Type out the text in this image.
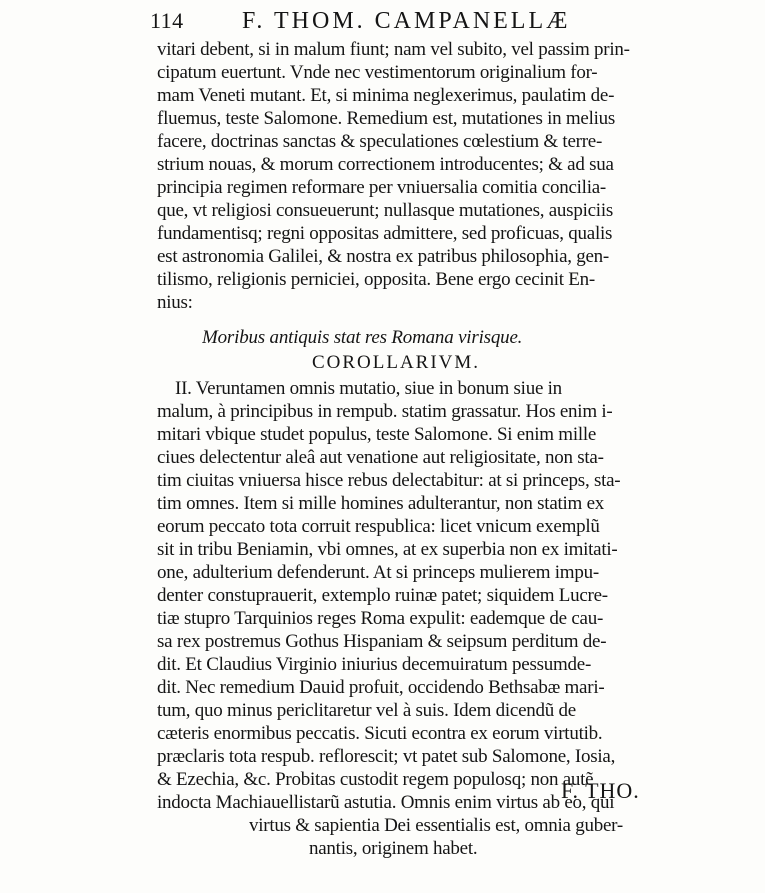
114 F. THOM. CAMPANELLÆ
vitari debent, si in malum fiunt; nam vel subito, vel passim prin-
cipatum euertunt. Vnde nec vestimentorum originalium for-
mam Veneti mutant. Et, si minima neglexerimus, paulatim de-
fluemus, teste Salomone. Remedium est, mutationes in melius
facere, doctrinas sanctas & speculationes cœlestium & terre-
strium nouas, & morum correctionem introducentes; & ad sua
principia regimen reformare per vniuersalia comitia concilia-
que, vt religiosi consueuerunt; nullasque mutationes, auspiciis
fundamentisq; regni oppositas admittere, sed proficuas, qualis
est astronomia Galilei, & nostra ex patribus philosophia, gen-
tilismo, religionis perniciei, opposita. Bene ergo cecinit En-
nius:
Moribus antiquis stat res Romana virisque.
COROLLARIVM.
II. Veruntamen omnis mutatio, siue in bonum siue in
malum, à principibus in rempub. statim grassatur. Hos enim i-
mitari vbique studet populus, teste Salomone. Si enim mille
ciues delectentur aleâ aut venatione aut religiositate, non sta-
tim ciuitas vniuersa hisce rebus delectabitur: at si princeps, sta-
tim omnes. Item si mille homines adulterantur, non statim ex
eorum peccato tota corruit respublica: licet vnicum exemplũ
sit in tribu Beniamin, vbi omnes, at ex superbia non ex imitati-
one, adulterium defenderunt. At si princeps mulierem impu-
denter constuprauerit, extemplo ruinæ patet; siquidem Lucre-
tiæ stupro Tarquinios reges Roma expulit: eademque de cau-
sa rex postremus Gothus Hispaniam & seipsum perditum de-
dit. Et Claudius Virginio iniurius decemuiratum pessumde-
dit. Nec remedium Dauid profuit, occidendo Bethsabæ mari-
tum, quo minus periclitaretur vel à suis. Idem dicendũ de
cæteris enormibus peccatis. Sicuti econtra ex eorum virtutib.
præclaris tota respub. reflorescit; vt patet sub Salomone, Iosia,
& Ezechia, &c. Probitas custodit regem populosq; non autẽ
indocta Machiauellistarũ astutia. Omnis enim virtus ab eo, qui
virtus & sapientia Dei essentialis est, omnia guber-
nantis, originem habet.
F. THO.
